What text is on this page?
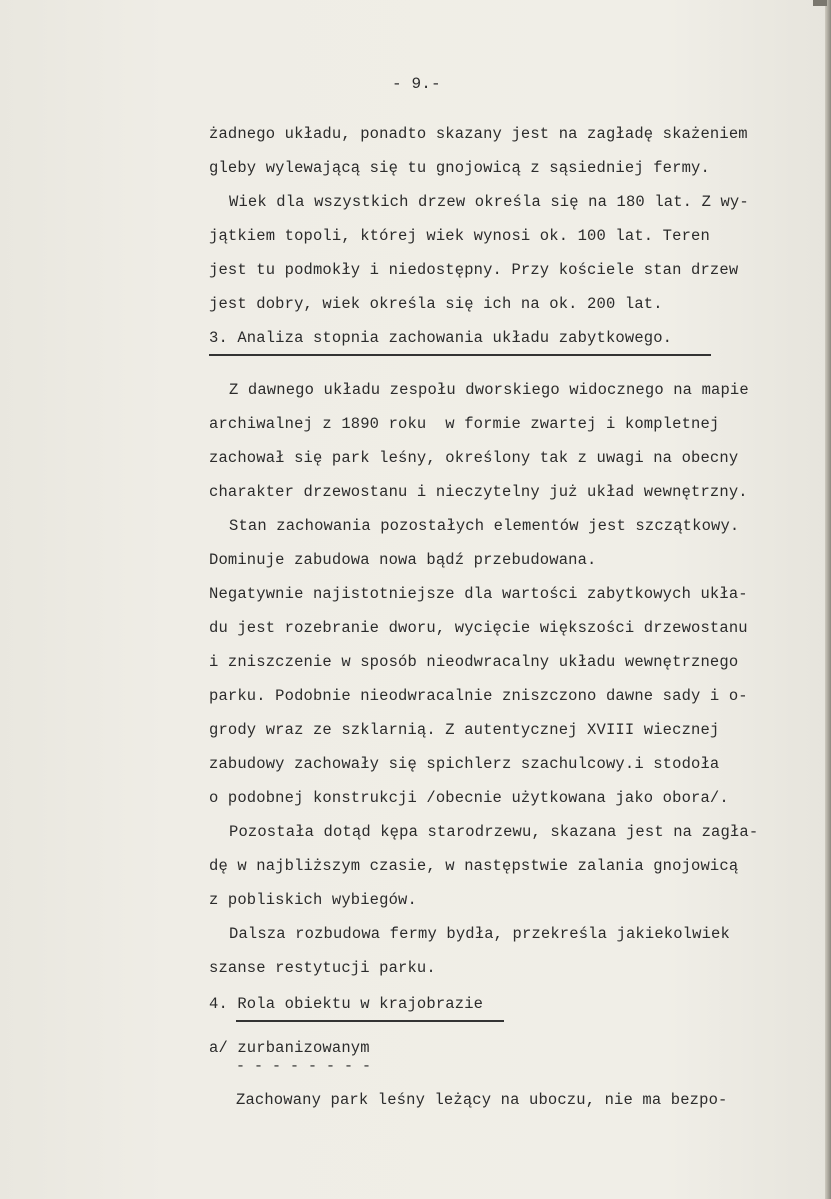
- 9.-
żadnego układu, ponadto skazany jest na zagładę skażeniem
gleby wylewającą się tu gnojowicą z sąsiedniej fermy.
Wiek dla wszystkich drzew określa się na 180 lat. Z wy-
jątkiem topoli, której wiek wynosi ok. 100 lat. Teren
jest tu podmokły i niedostępny. Przy kościele stan drzew
jest dobry, wiek określa się ich na ok. 200 lat.
3. Analiza stopnia zachowania układu zabytkowego.
Z dawnego układu zespołu dworskiego widocznego na mapie
archiwalnej z 1890 roku  w formie zwartej i kompletnej
zachował się park leśny, określony tak z uwagi na obecny
charakter drzewostanu i nieczytelny już układ wewnętrzny.
Stan zachowania pozostałych elementów jest szczątkowy.
Dominuje zabudowa nowa bądź przebudowana.
Negatywnie najistotniejsze dla wartości zabytkowych ukła-
du jest rozebranie dworu, wycięcie większości drzewostanu
i zniszczenie w sposób nieodwracalny układu wewnętrznego
parku. Podobnie nieodwracalnie zniszczono dawne sady i o-
grody wraz ze szklarnią. Z autentycznej XVIII wiecznej
zabudowy zachowały się spichlerz szachulcowy.i stodoła
o podobnej konstrukcji /obecnie użytkowana jako obora/.
Pozostała dotąd kępa starodrzewu, skazana jest na zagła-
dę w najbliższym czasie, w następstwie zalania gnojowicą
z pobliskich wybiegów.
Dalsza rozbudowa fermy bydła, przekreśla jakiekolwiek
szanse restytucji parku.
4. Rola obiektu w krajobrazie
a/ zurbanizowanym
- - - - - - - -
Zachowany park leśny leżący na uboczu, nie ma bezpo-
